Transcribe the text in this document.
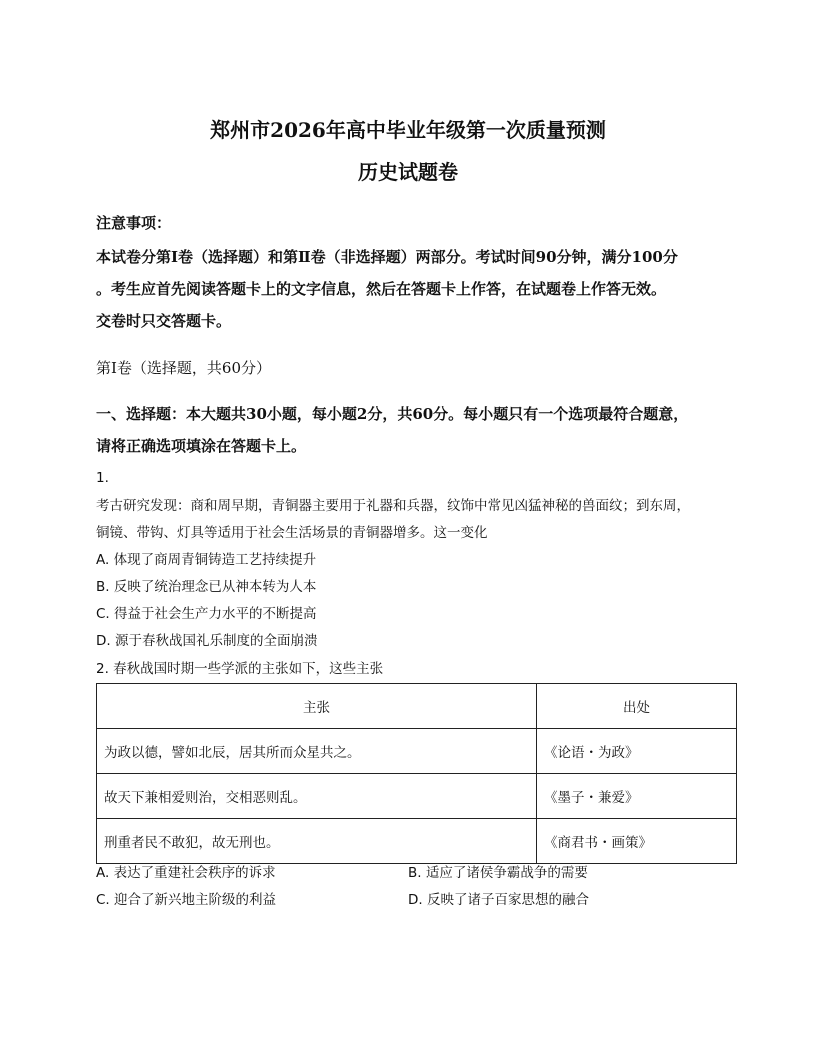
郑州市2026年高中毕业年级第一次质量预测
历史试题卷
注意事项：
本试卷分第Ⅰ卷（选择题）和第Ⅱ卷（非选择题）两部分。考试时间90分钟，满分100分
。考生应首先阅读答题卡上的文字信息，然后在答题卡上作答，在试题卷上作答无效。
交卷时只交答题卡。
第Ⅰ卷（选择题，共60分）
一、选择题：本大题共30小题，每小题2分，共60分。每小题只有一个选项最符合题意，
请将正确选项填涂在答题卡上。
1.
考古研究发现：商和周早期，青铜器主要用于礼器和兵器，纹饰中常见凶猛神秘的兽面纹；到东周，
铜镜、带钩、灯具等适用于社会生活场景的青铜器增多。这一变化
A. 体现了商周青铜铸造工艺持续提升
B. 反映了统治理念已从神本转为人本
C. 得益于社会生产力水平的不断提高
D. 源于春秋战国礼乐制度的全面崩溃
2. 春秋战国时期一些学派的主张如下，这些主张
主张	出处
为政以德，譬如北辰，居其所而众星共之。	《论语・为政》
故天下兼相爱则治，交相恶则乱。	《墨子・兼爱》
刑重者民不敢犯，故无刑也。	《商君书・画策》
A. 表达了重建社会秩序的诉求	B. 适应了诸侯争霸战争的需要
C. 迎合了新兴地主阶级的利益	D. 反映了诸子百家思想的融合
